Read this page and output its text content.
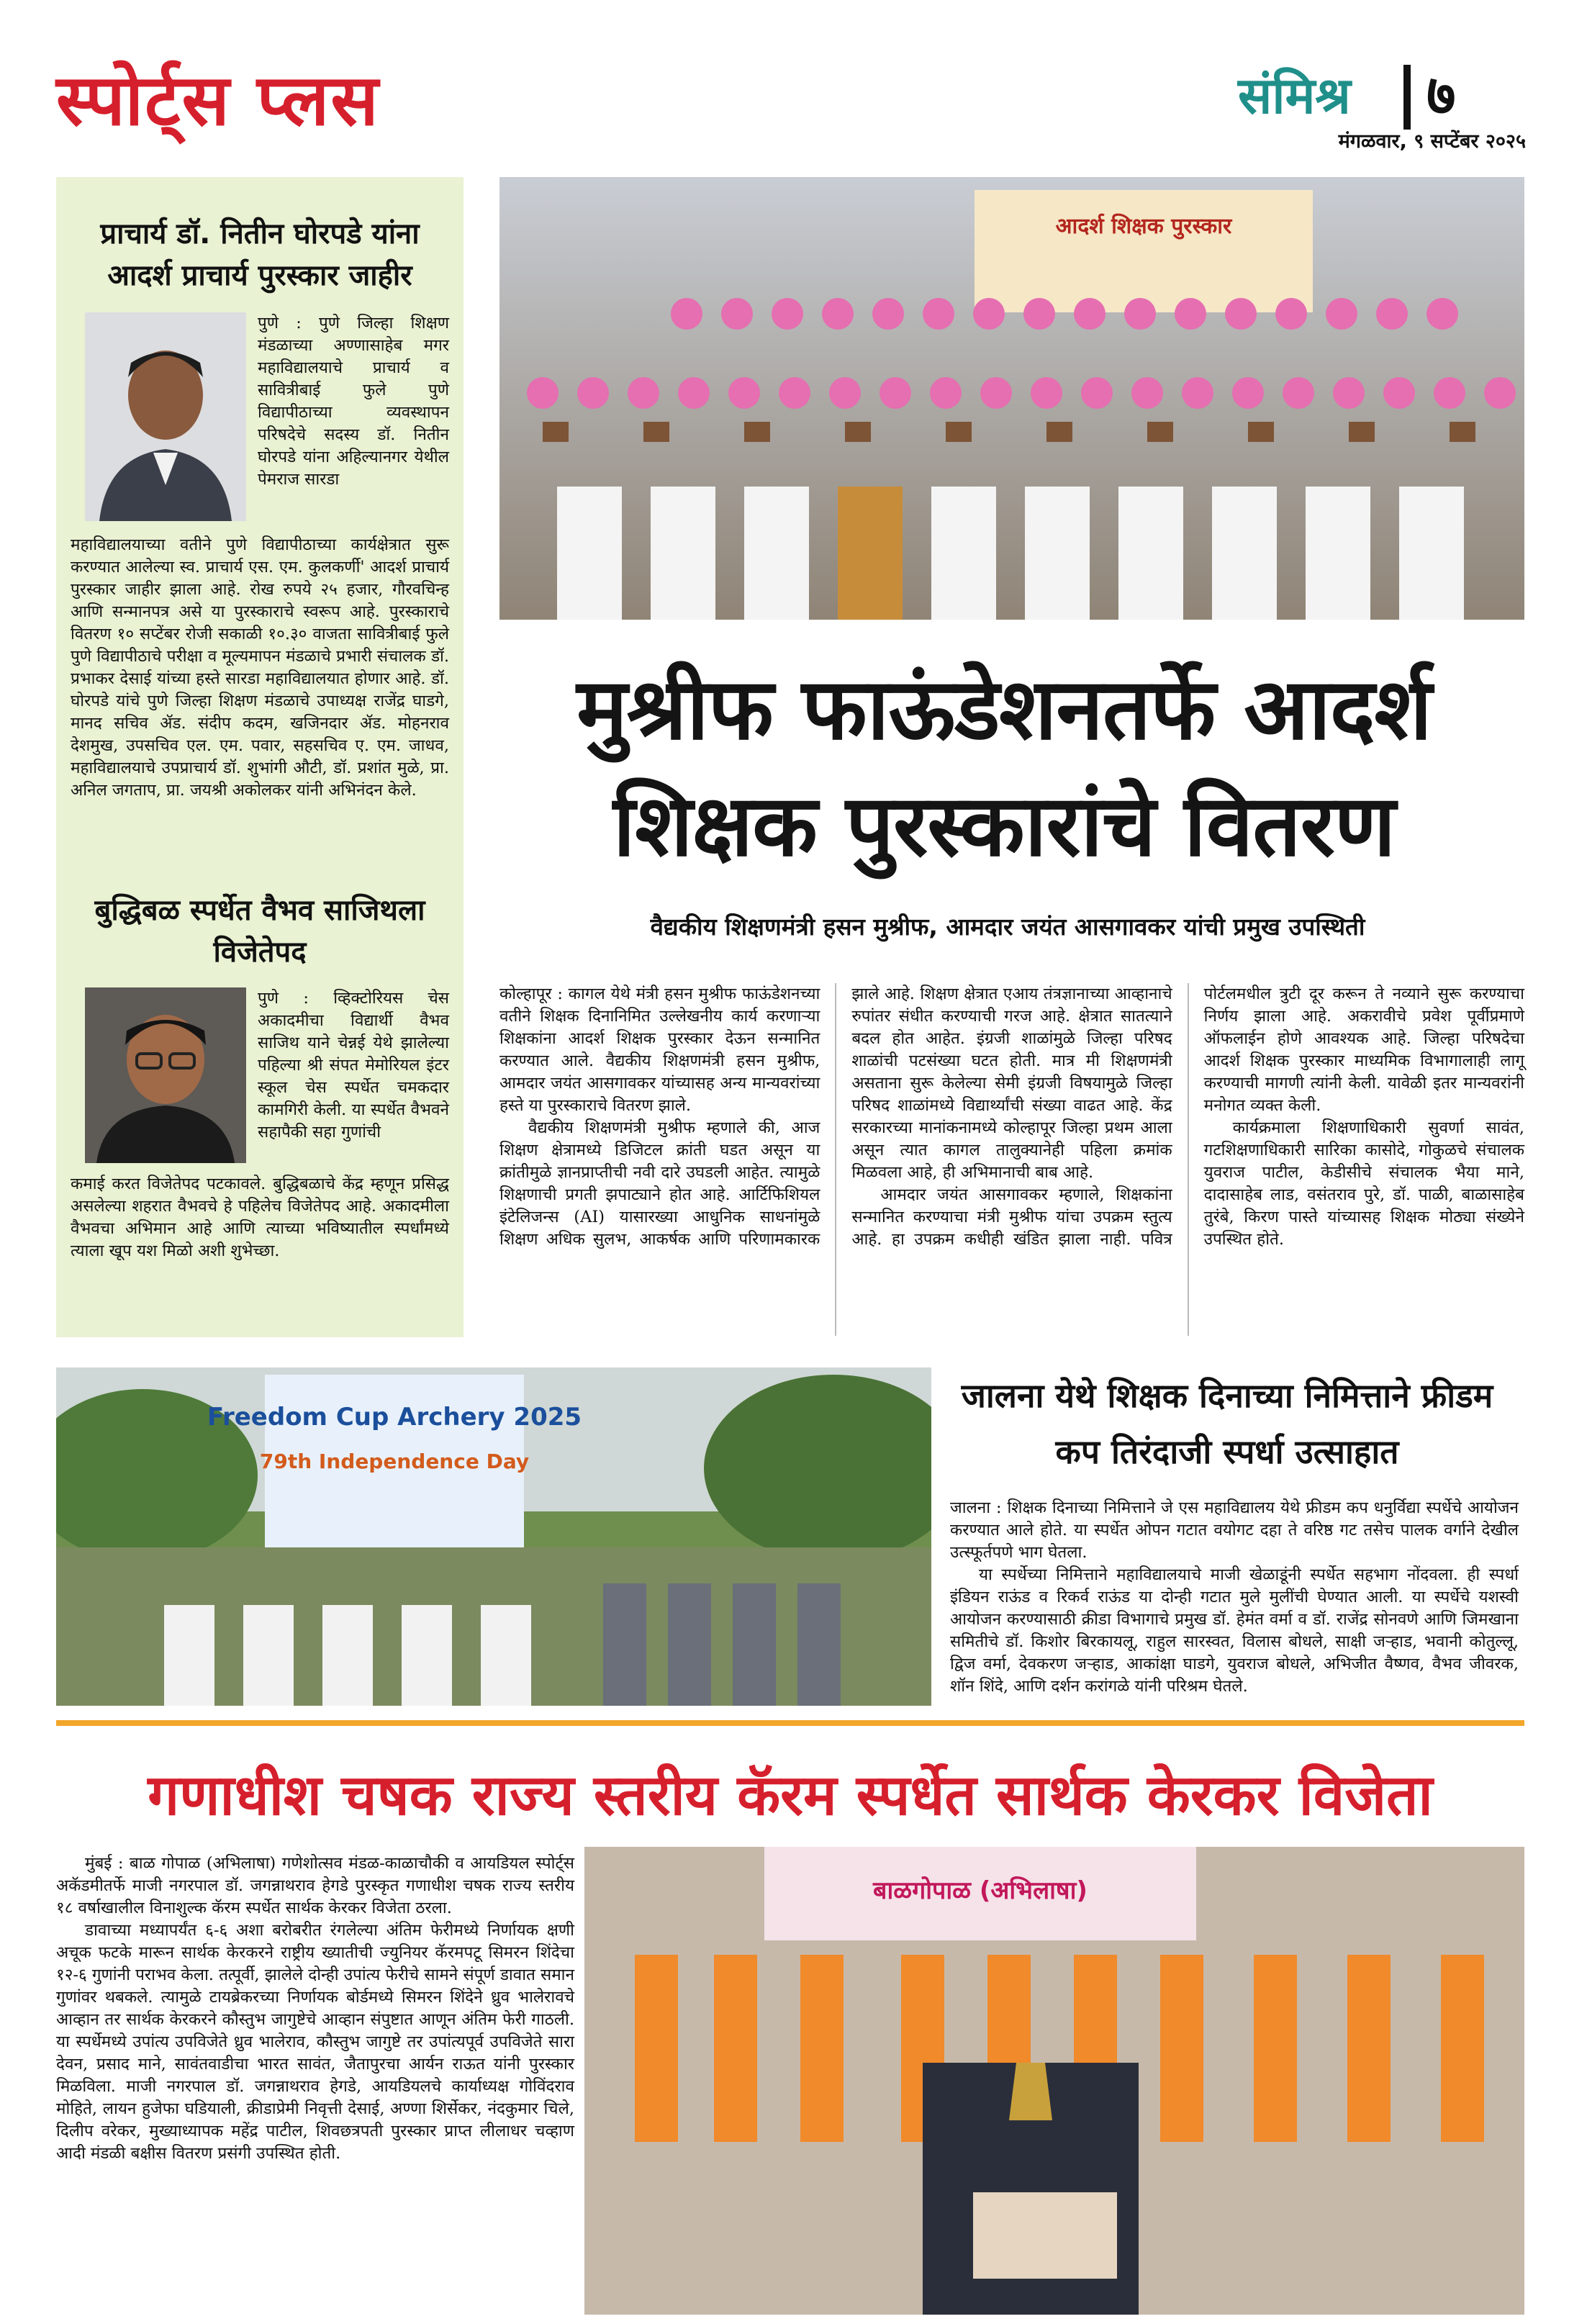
स्पोर्ट्स प्लस	संमिश्र ७
मंगळवार, ९ सप्टेंबर २०२५
प्राचार्य डॉ. नितीन घोरपडे यांना आदर्श प्राचार्य पुरस्कार जाहीर
पुणे : पुणे जिल्हा शिक्षण मंडळाच्या अण्णासाहेब मगर महाविद्यालयाचे प्राचार्य व सावित्रीबाई फुले पुणे विद्यापीठाच्या व्यवस्थापन परिषदेचे सदस्य डॉ. नितीन घोरपडे यांना अहिल्यानगर येथील पेमराज सारडा
महाविद्यालयाच्या वतीने पुणे विद्यापीठाच्या कार्यक्षेत्रात सुरू करण्यात आलेल्या स्व. प्राचार्य एस. एम. कुलकर्णी' आदर्श प्राचार्य पुरस्कार जाहीर झाला आहे. रोख रुपये २५ हजार, गौरवचिन्ह आणि सन्मानपत्र असे या पुरस्काराचे स्वरूप आहे. पुरस्काराचे वितरण १० सप्टेंबर रोजी सकाळी १०.३० वाजता सावित्रीबाई फुले पुणे विद्यापीठाचे परीक्षा व मूल्यमापन मंडळाचे प्रभारी संचालक डॉ. प्रभाकर देसाई यांच्या हस्ते सारडा महाविद्यालयात होणार आहे. डॉ. घोरपडे यांचे पुणे जिल्हा शिक्षण मंडळाचे उपाध्यक्ष राजेंद्र घाडगे, मानद सचिव ॲड. संदीप कदम, खजिनदार ॲड. मोहनराव देशमुख, उपसचिव एल. एम. पवार, सहसचिव ए. एम. जाधव, महाविद्यालयाचे उपप्राचार्य डॉ. शुभांगी औटी, डॉ. प्रशांत मुळे, प्रा. अनिल जगताप, प्रा. जयश्री अकोलकर यांनी अभिनंदन केले.
बुद्धिबळ स्पर्धेत वैभव साजिथला विजेतेपद
पुणे : व्हिक्टोरियस चेस अकादमीचा विद्यार्थी वैभव साजिथ याने चेन्नई येथे झालेल्या पहिल्या श्री संपत मेमोरियल इंटर स्कूल चेस स्पर्धेत चमकदार कामगिरी केली. या स्पर्धेत वैभवने सहापैकी सहा गुणांची
कमाई करत विजेतेपद पटकावले. बुद्धिबळाचे केंद्र म्हणून प्रसिद्ध असलेल्या शहरात वैभवचे हे पहिलेच विजेतेपद आहे. अकादमीला वैभवचा अभिमान आहे आणि त्याच्या भविष्यातील स्पर्धांमध्ये त्याला खूप यश मिळो अशी शुभेच्छा.
आदर्श शिक्षक पुरस्कार
मुश्रीफ फाऊंडेशनतर्फे आदर्श
शिक्षक पुरस्कारांचे वितरण
वैद्यकीय शिक्षणमंत्री हसन मुश्रीफ, आमदार जयंत आसगावकर यांची प्रमुख उपस्थिती

कोल्हापूर : कागल येथे मंत्री हसन मुश्रीफ फाऊंडेशनच्या वतीने शिक्षक दिनानिमित उल्लेखनीय कार्य करणाऱ्या शिक्षकांना आदर्श शिक्षक पुरस्कार देऊन सन्मानित करण्यात आले. वैद्यकीय शिक्षणमंत्री हसन मुश्रीफ, आमदार जयंत आसगावकर यांच्यासह अन्य मान्यवरांच्या हस्ते या पुरस्काराचे वितरण झाले.

वैद्यकीय शिक्षणमंत्री मुश्रीफ म्हणाले की, आज शिक्षण क्षेत्रामध्ये डिजिटल क्रांती घडत असून या क्रांतीमुळे ज्ञानप्राप्तीची नवी दारे उघडली आहेत. त्यामुळे शिक्षणाची प्रगती झपाट्याने होत आहे. आर्टिफिशियल इंटेलिजन्स (AI) यासारख्या आधुनिक साधनांमुळे शिक्षण अधिक सुलभ, आकर्षक आणि परिणामकारक झाले आहे. शिक्षण क्षेत्रात एआय तंत्रज्ञानाच्या आव्हानाचे रुपांतर संधीत करण्याची गरज आहे. क्षेत्रात सातत्याने बदल होत आहेत. इंग्रजी शाळांमुळे जिल्हा परिषद शाळांची पटसंख्या घटत होती. मात्र मी शिक्षणमंत्री असताना सुरू केलेल्या सेमी इंग्रजी विषयामुळे जिल्हा परिषद शाळांमध्ये विद्यार्थ्यांची संख्या वाढत आहे. केंद्र सरकारच्या मानांकनामध्ये कोल्हापूर जिल्हा प्रथम आला असून त्यात कागल तालुक्यानेही पहिला क्रमांक मिळवला आहे, ही अभिमानाची बाब आहे.

आमदार जयंत आसगावकर म्हणाले, शिक्षकांना सन्मानित करण्याचा मंत्री मुश्रीफ यांचा उपक्रम स्तुत्य आहे. हा उपक्रम कधीही खंडित झाला नाही. पवित्र पोर्टलमधील त्रुटी दूर करून ते नव्याने सुरू करण्याचा निर्णय झाला आहे. अकरावीचे प्रवेश पूर्वीप्रमाणे ऑफलाईन होणे आवश्यक आहे. जिल्हा परिषदेचा आदर्श शिक्षक पुरस्कार माध्यमिक विभागालाही लागू करण्याची मागणी त्यांनी केली. यावेळी इतर मान्यवरांनी मनोगत व्यक्त केली.

कार्यक्रमाला शिक्षणाधिकारी सुवर्णा सावंत, गटशिक्षणाधिकारी सारिका कासोदे, गोकुळचे संचालक युवराज पाटील, केडीसीचे संचालक भैया माने, दादासाहेब लाड, वसंतराव पुरे, डॉ. पाळी, बाळासाहेब तुरंबे, किरण पास्ते यांच्यासह शिक्षक मोठ्या संख्येने उपस्थित होते.

Freedom Cup Archery 2025
79th Independence Day
जालना येथे शिक्षक दिनाच्या निमित्ताने फ्रीडम कप तिरंदाजी स्पर्धा उत्साहात

जालना : शिक्षक दिनाच्या निमित्ताने जे एस महाविद्यालय येथे फ्रीडम कप धनुर्विद्या स्पर्धेचे आयोजन करण्यात आले होते. या स्पर्धेत ओपन गटात वयोगट दहा ते वरिष्ठ गट तसेच पालक वर्गाने देखील उत्स्फूर्तपणे भाग घेतला.

या स्पर्धेच्या निमित्ताने महाविद्यालयाचे माजी खेळाडूंनी स्पर्धेत सहभाग नोंदवला. ही स्पर्धा इंडियन राऊंड व रिकर्व राऊंड या दोन्ही गटात मुले मुलींची घेण्यात आली. या स्पर्धेचे यशस्वी आयोजन करण्यासाठी क्रीडा विभागाचे प्रमुख डॉ. हेमंत वर्मा व डॉ. राजेंद्र सोनवणे आणि जिमखाना समितीचे डॉ. किशोर बिरकायलू, राहुल सारस्वत, विलास बोधले, साक्षी जऱ्हाड, भवानी कोतुल्लू, द्विज वर्मा, देवकरण जऱ्हाड, आकांक्षा घाडगे, युवराज बोधले, अभिजीत वैष्णव, वैभव जीवरक, शॉन शिंदे, आणि दर्शन करांगळे यांनी परिश्रम घेतले.

गणाधीश चषक राज्य स्तरीय कॅरम स्पर्धेत सार्थक केरकर विजेता

मुंबई : बाळ गोपाळ (अभिलाषा) गणेशोत्सव मंडळ-काळाचौकी व आयडियल स्पोर्ट्स अकॅडमीतर्फे माजी नगरपाल डॉ. जगन्नाथराव हेगडे पुरस्कृत गणाधीश चषक राज्य स्तरीय १८ वर्षाखालील विनाशुल्क कॅरम स्पर्धेत सार्थक केरकर विजेता ठरला.

डावाच्या मध्यापर्यंत ६-६ अशा बरोबरीत रंगलेल्या अंतिम फेरीमध्ये निर्णायक क्षणी अचूक फटके मारून सार्थक केरकरने राष्ट्रीय ख्यातीची ज्युनियर कॅरमपटू सिमरन शिंदेचा १२-६ गुणांनी पराभव केला. तत्पूर्वी, झालेले दोन्ही उपांत्य फेरीचे सामने संपूर्ण डावात समान गुणांवर थबकले. त्यामुळे टायब्रेकरच्या निर्णायक बोर्डमध्ये सिमरन शिंदेने ध्रुव भालेरावचे आव्हान तर सार्थक केरकरने कौस्तुभ जागुष्टेचे आव्हान संपुष्टात आणून अंतिम फेरी गाठली. या स्पर्धेमध्ये उपांत्य उपविजेते ध्रुव भालेराव, कौस्तुभ जागुष्टे तर उपांत्यपूर्व उपविजेते सारा देवन, प्रसाद माने, सावंतवाडीचा भारत सावंत, जैतापुरचा आर्यन राऊत यांनी पुरस्कार मिळविला. माजी नगरपाल डॉ. जगन्नाथराव हेगडे, आयडियलचे कार्याध्यक्ष गोविंदराव मोहिते, लायन हुजेफा घडियाली, क्रीडाप्रेमी निवृत्ती देसाई, अण्णा शिर्सेकर, नंदकुमार चिले, दिलीप वरेकर, मुख्याध्यापक महेंद्र पाटील, शिवछत्रपती पुरस्कार प्राप्त लीलाधर चव्हाण आदी मंडळी बक्षीस वितरण प्रसंगी उपस्थित होती.

बाळगोपाळ (अभिलाषा)
